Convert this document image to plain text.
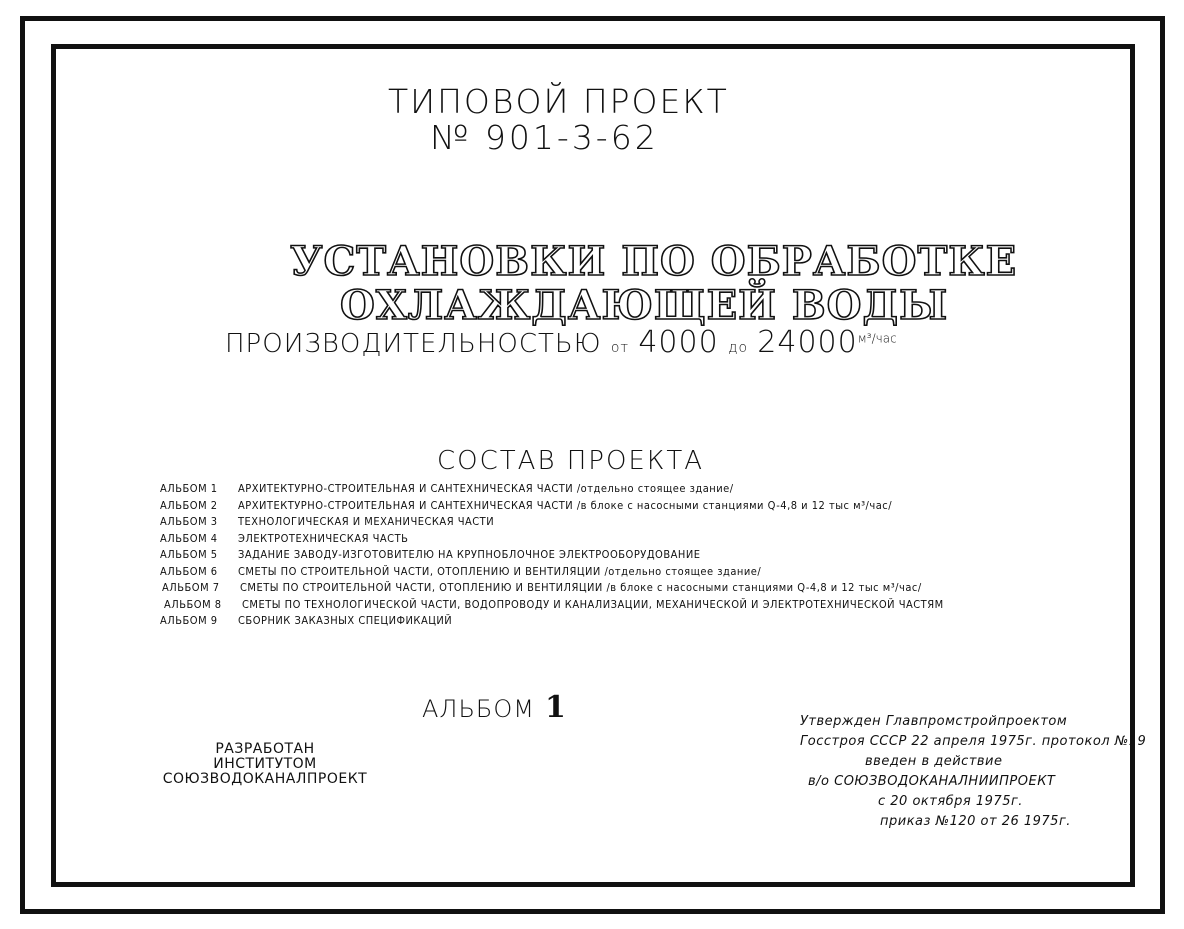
ТИПОВОЙ ПРОЕКТ
№ 901-3-62
УСТАНОВКИ ПО ОБРАБОТКЕ
ОХЛАЖДАЮЩЕЙ ВОДЫ
ПРОИЗВОДИТЕЛЬНОСТЬЮ от 4000 до $24000^{м^3/час}$
СОСТАВ ПРОЕКТА
АЛЬБОМ 1	АРХИТЕКТУРНО-СТРОИТЕЛЬНАЯ И САНТЕХНИЧЕСКАЯ ЧАСТИ /отдельно стоящее здание/
АЛЬБОМ 2	АРХИТЕКТУРНО-СТРОИТЕЛЬНАЯ И САНТЕХНИЧЕСКАЯ ЧАСТИ /в блоке с насосными станциями Q-4,8 и 12 тыс м³/час/
АЛЬБОМ 3	ТЕХНОЛОГИЧЕСКАЯ И МЕХАНИЧЕСКАЯ ЧАСТИ
АЛЬБОМ 4	ЭЛЕКТРОТЕХНИЧЕСКАЯ ЧАСТЬ
АЛЬБОМ 5	ЗАДАНИЕ ЗАВОДУ-ИЗГОТОВИТЕЛЮ НА КРУПНОБЛОЧНОЕ ЭЛЕКТРООБОРУДОВАНИЕ
АЛЬБОМ 6	СМЕТЫ ПО СТРОИТЕЛЬНОЙ ЧАСТИ, ОТОПЛЕНИЮ И ВЕНТИЛЯЦИИ /отдельно стоящее здание/
АЛЬБОМ 7	СМЕТЫ ПО СТРОИТЕЛЬНОЙ ЧАСТИ, ОТОПЛЕНИЮ И ВЕНТИЛЯЦИИ /в блоке с насосными станциями Q-4,8 и 12 тыс м³/час/
АЛЬБОМ 8	СМЕТЫ ПО ТЕХНОЛОГИЧЕСКОЙ ЧАСТИ, ВОДОПРОВОДУ И КАНАЛИЗАЦИИ, МЕХАНИЧЕСКОЙ И ЭЛЕКТРОТЕХНИЧЕСКОЙ ЧАСТЯМ
АЛЬБОМ 9	СБОРНИК ЗАКАЗНЫХ СПЕЦИФИКАЦИЙ
АЛЬБОМ 1
РАЗРАБОТАН
ИНСТИТУТОМ
СОЮЗВОДОКАНАЛПРОЕКТ
Утвержден Главпромстройпроектом
Госстроя СССР 22 апреля 1975г. протокол №19
введен в действие
в/о СОЮЗВОДОКАНАЛНИИПРОЕКТ
с 20 октября 1975г.
приказ №120 от 26 1975г.
